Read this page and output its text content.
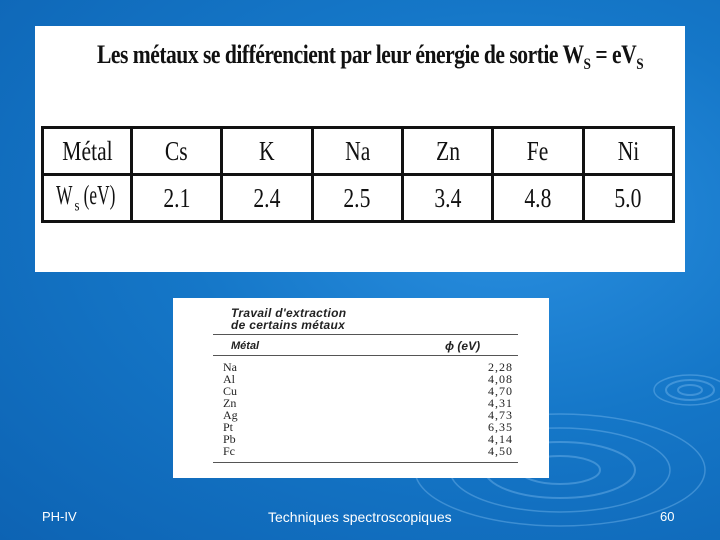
Les métaux se différencient par leur énergie de sortie $W_S = eV_S$
Métal	Cs	K	Na	Zn	Fe	Ni
W $_s$(eV)	2.1	2.4	2.5	3.4	4.8	5.0
Travail d'extraction
de certains métaux
Métal	ϕ (eV)
Na	2,28
Al	4,08
Cu	4,70
Zn	4,31
Ag	4,73
Pt	6,35
Pb	4,14
Fc	4,50
PH-IV	Techniques spectroscopiques	60
